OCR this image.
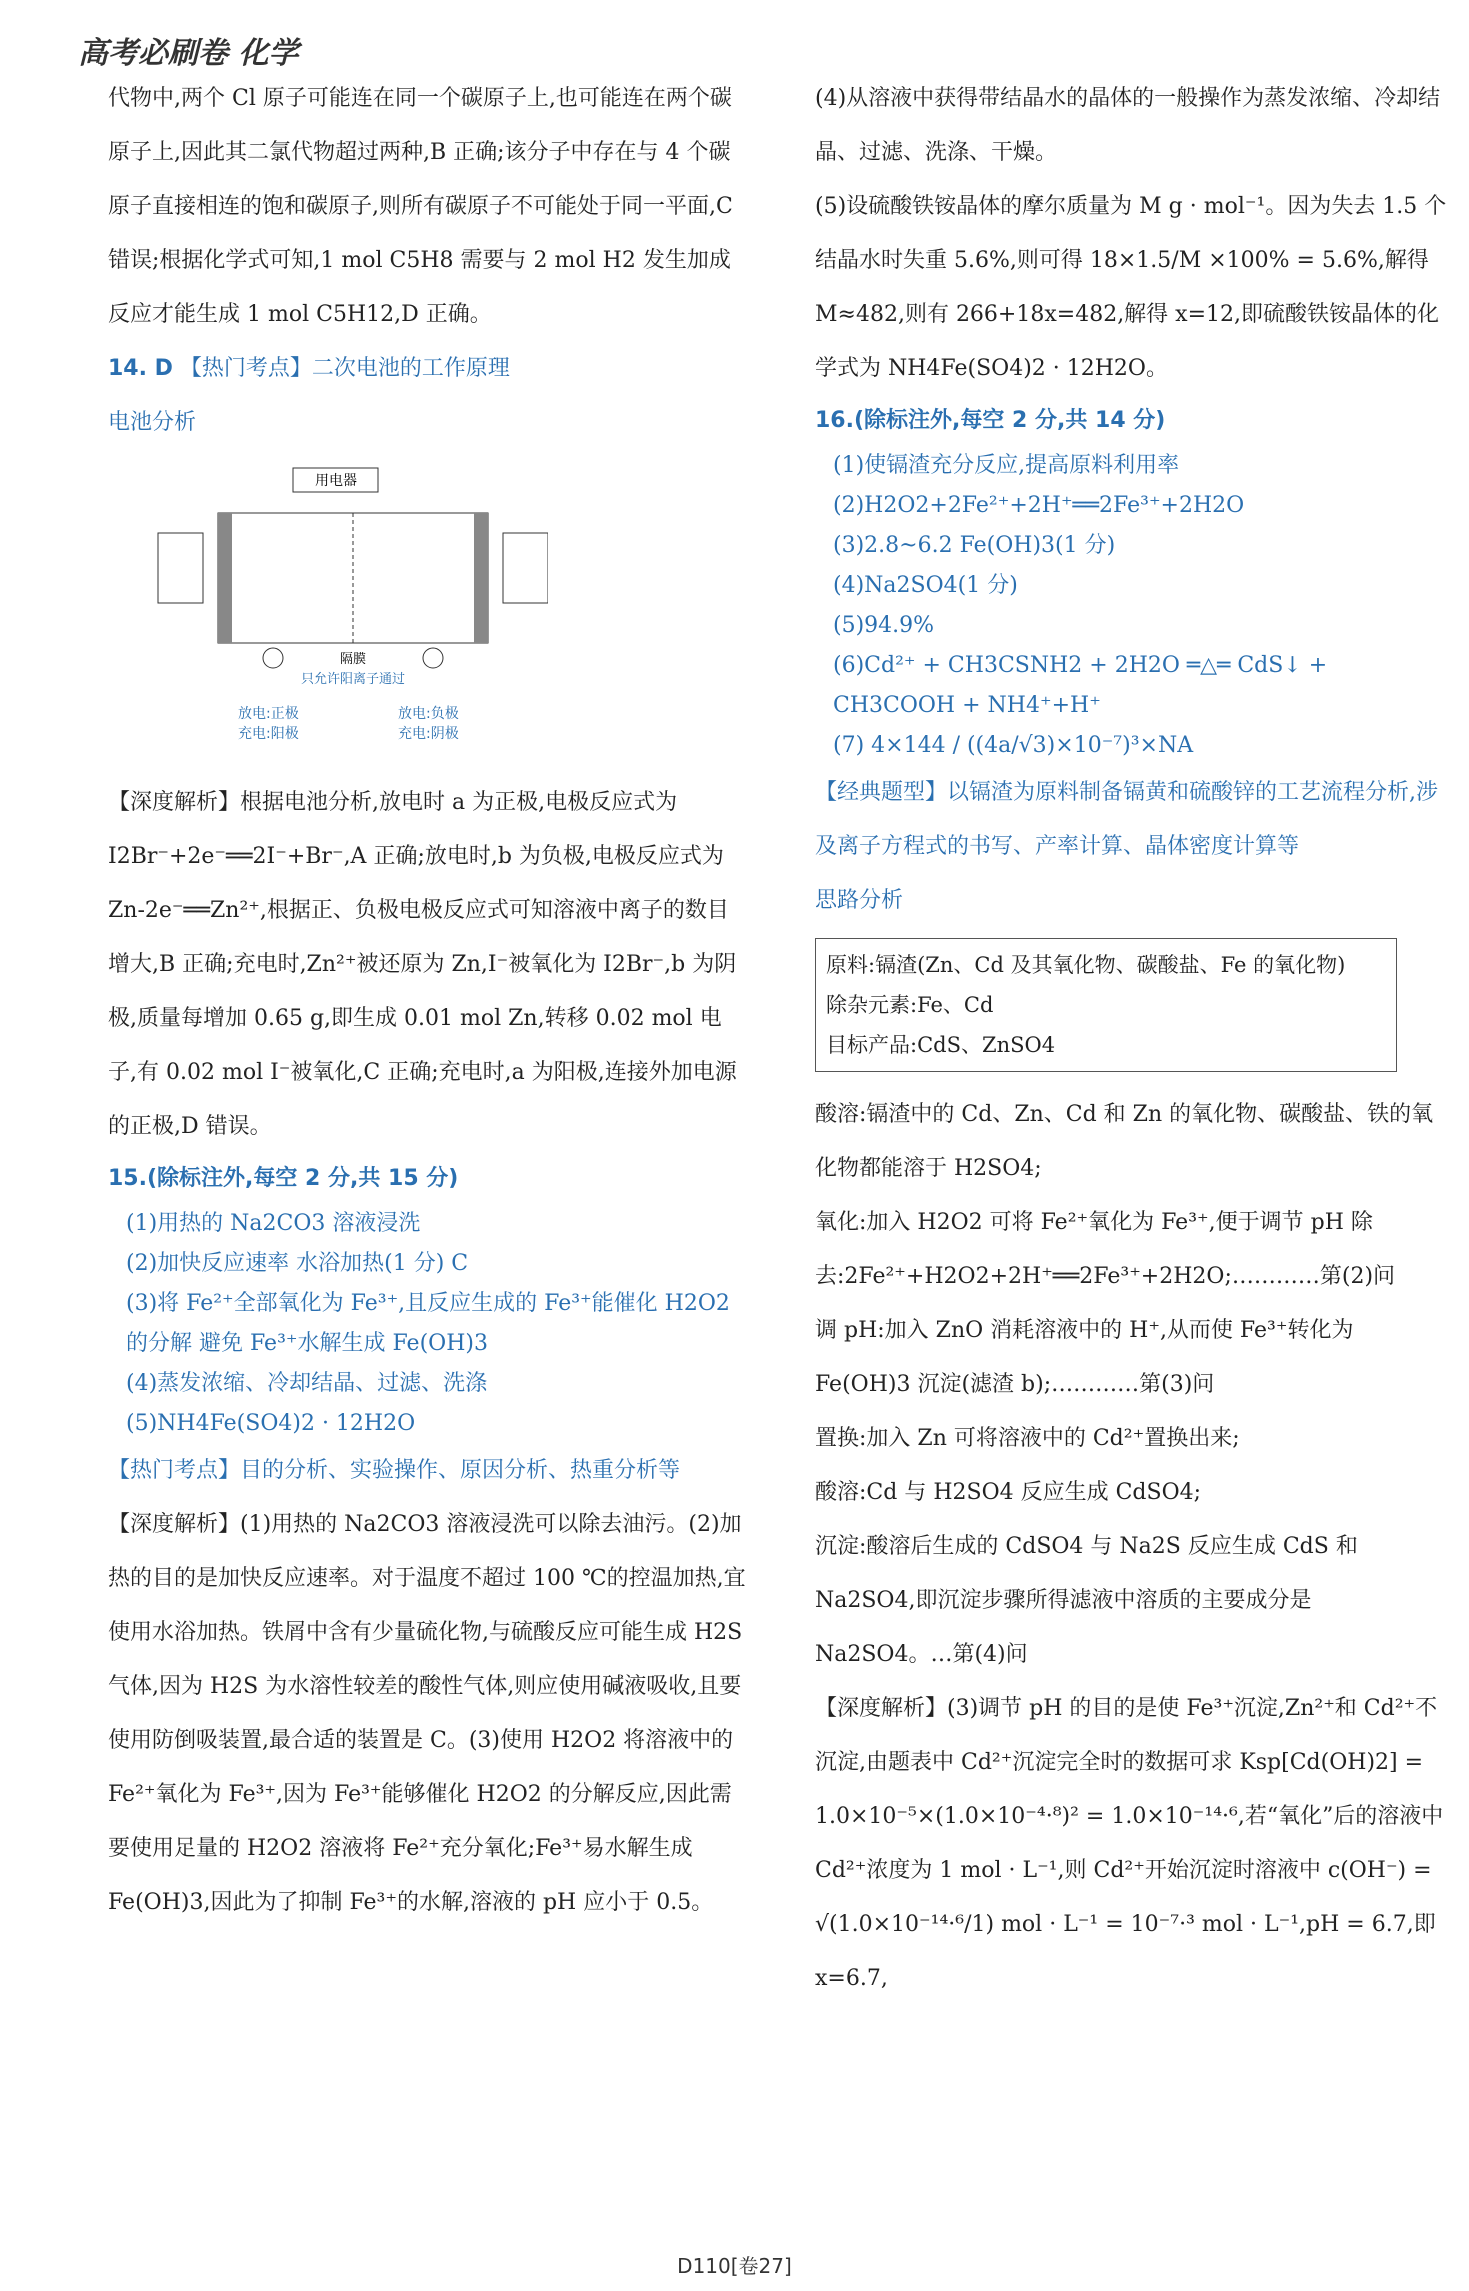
高考必刷卷 化学

代物中,两个 Cl 原子可能连在同一个碳原子上,也可能连在两个碳原子上,因此其二氯代物超过两种,B 正确;该分子中存在与 4 个碳原子直接相连的饱和碳原子,则所有碳原子不可能处于同一平面,C 错误;根据化学式可知,1 mol C5H8 需要与 2 mol H2 发生加成反应才能生成 1 mol C5H12,D 正确。

14. D 【热门考点】二次电池的工作原理

电池分析

用电器
隔膜
只允许阳离子通过
放电:正极
充电:阳极
放电:负极
充电:阴极

【深度解析】根据电池分析,放电时 a 为正极,电极反应式为 I2Br⁻+2e⁻══2I⁻+Br⁻,A 正确;放电时,b 为负极,电极反应式为 Zn-2e⁻══Zn²⁺,根据正、负极电极反应式可知溶液中离子的数目增大,B 正确;充电时,Zn²⁺被还原为 Zn,I⁻被氧化为 I2Br⁻,b 为阴极,质量每增加 0.65 g,即生成 0.01 mol Zn,转移 0.02 mol 电子,有 0.02 mol I⁻被氧化,C 正确;充电时,a 为阳极,连接外加电源的正极,D 错误。

15.(除标注外,每空 2 分,共 15 分)

(1)用热的 Na2CO3 溶液浸洗

(2)加快反应速率 水浴加热(1 分) C

(3)将 Fe²⁺全部氧化为 Fe³⁺,且反应生成的 Fe³⁺能催化 H2O2 的分解 避免 Fe³⁺水解生成 Fe(OH)3

(4)蒸发浓缩、冷却结晶、过滤、洗涤

(5)NH4Fe(SO4)2 · 12H2O

【热门考点】目的分析、实验操作、原因分析、热重分析等

【深度解析】(1)用热的 Na2CO3 溶液浸洗可以除去油污。(2)加热的目的是加快反应速率。对于温度不超过 100 ℃的控温加热,宜使用水浴加热。铁屑中含有少量硫化物,与硫酸反应可能生成 H2S 气体,因为 H2S 为水溶性较差的酸性气体,则应使用碱液吸收,且要使用防倒吸装置,最合适的装置是 C。(3)使用 H2O2 将溶液中的 Fe²⁺氧化为 Fe³⁺,因为 Fe³⁺能够催化 H2O2 的分解反应,因此需要使用足量的 H2O2 溶液将 Fe²⁺充分氧化;Fe³⁺易水解生成 Fe(OH)3,因此为了抑制 Fe³⁺的水解,溶液的 pH 应小于 0.5。

(4)从溶液中获得带结晶水的晶体的一般操作为蒸发浓缩、冷却结晶、过滤、洗涤、干燥。

(5)设硫酸铁铵晶体的摩尔质量为 M g · mol⁻¹。因为失去 1.5 个结晶水时失重 5.6%,则可得 18×1.5/M ×100% = 5.6%,解得 M≈482,则有 266+18x=482,解得 x=12,即硫酸铁铵晶体的化学式为 NH4Fe(SO4)2 · 12H2O。

16.(除标注外,每空 2 分,共 14 分)

(1)使镉渣充分反应,提高原料利用率

(2)H2O2+2Fe²⁺+2H⁺══2Fe³⁺+2H2O

(3)2.8~6.2 Fe(OH)3(1 分)

(4)Na2SO4(1 分)

(5)94.9%

(6)Cd²⁺ + CH3CSNH2 + 2H2O ═△═ CdS↓ + CH3COOH + NH4⁺+H⁺

(7) 4×144 / ((4a/√3)×10⁻⁷)³×NA

【经典题型】以镉渣为原料制备镉黄和硫酸锌的工艺流程分析,涉及离子方程式的书写、产率计算、晶体密度计算等

思路分析

原料:镉渣(Zn、Cd 及其氧化物、碳酸盐、Fe 的氧化物)

除杂元素:Fe、Cd

目标产品:CdS、ZnSO4

酸溶:镉渣中的 Cd、Zn、Cd 和 Zn 的氧化物、碳酸盐、铁的氧化物都能溶于 H2SO4;

氧化:加入 H2O2 可将 Fe²⁺氧化为 Fe³⁺,便于调节 pH 除去:2Fe²⁺+H2O2+2H⁺══2Fe³⁺+2H2O;…………第(2)问

调 pH:加入 ZnO 消耗溶液中的 H⁺,从而使 Fe³⁺转化为 Fe(OH)3 沉淀(滤渣 b);…………第(3)问

置换:加入 Zn 可将溶液中的 Cd²⁺置换出来;

酸溶:Cd 与 H2SO4 反应生成 CdSO4;

沉淀:酸溶后生成的 CdSO4 与 Na2S 反应生成 CdS 和 Na2SO4,即沉淀步骤所得滤液中溶质的主要成分是 Na2SO4。…第(4)问

【深度解析】(3)调节 pH 的目的是使 Fe³⁺沉淀,Zn²⁺和 Cd²⁺不沉淀,由题表中 Cd²⁺沉淀完全时的数据可求 Ksp[Cd(OH)2] = 1.0×10⁻⁵×(1.0×10⁻⁴·⁸)² = 1.0×10⁻¹⁴·⁶,若“氧化”后的溶液中 Cd²⁺浓度为 1 mol · L⁻¹,则 Cd²⁺开始沉淀时溶液中 c(OH⁻) = √(1.0×10⁻¹⁴·⁶/1) mol · L⁻¹ = 10⁻⁷·³ mol · L⁻¹,pH = 6.7,即 x=6.7,

D110[卷27]
